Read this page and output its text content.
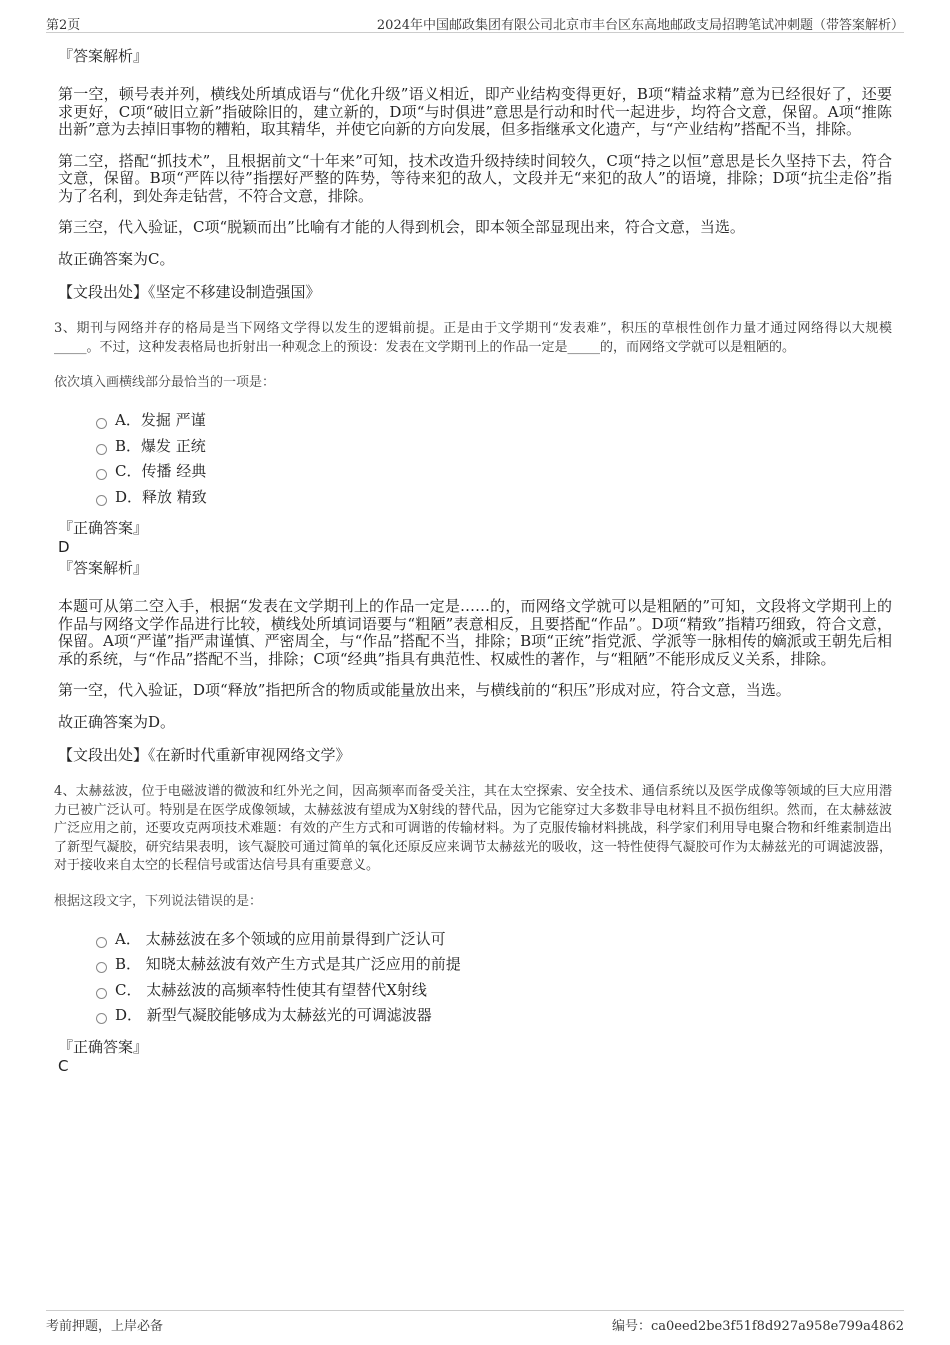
第2页	2024年中国邮政集团有限公司北京市丰台区东高地邮政支局招聘笔试冲刺题（带答案解析）
『答案解析』

第一空，顿号表并列，横线处所填成语与“优化升级”语义相近，即产业结构变得更好，B项“精益求精”意为已经很好了，还要求更好，C项“破旧立新”指破除旧的，建立新的，D项“与时俱进”意思是行动和时代一起进步，均符合文意，保留。A项“推陈出新”意为去掉旧事物的糟粕，取其精华，并使它向新的方向发展，但多指继承文化遗产，与“产业结构”搭配不当，排除。

第二空，搭配“抓技术”，且根据前文“十年来”可知，技术改造升级持续时间较久，C项“持之以恒”意思是长久坚持下去，符合文意，保留。B项“严阵以待”指摆好严整的阵势，等待来犯的敌人，文段并无“来犯的敌人”的语境，排除；D项“抗尘走俗”指为了名利，到处奔走钻营，不符合文意，排除。

第三空，代入验证，C项“脱颖而出”比喻有才能的人得到机会，即本领全部显现出来，符合文意，当选。

故正确答案为C。

【文段出处】《坚定不移建设制造强国》
3、期刊与网络并存的格局是当下网络文学得以发生的逻辑前提。正是由于文学期刊“发表难”，积压的草根性创作力量才通过网络得以大规模_____。不过，这种发表格局也折射出一种观念上的预设：发表在文学期刊上的作品一定是_____的，而网络文学就可以是粗陋的。
依次填入画横线部分最恰当的一项是：
A．发掘 严谨
B．爆发 正统
C．传播 经典
D．释放 精致
『正确答案』
D
『答案解析』

本题可从第二空入手，根据“发表在文学期刊上的作品一定是……的，而网络文学就可以是粗陋的”可知，文段将文学期刊上的作品与网络文学作品进行比较，横线处所填词语要与“粗陋”表意相反，且要搭配“作品”。D项“精致”指精巧细致，符合文意，保留。A项“严谨”指严肃谨慎、严密周全，与“作品”搭配不当，排除；B项“正统”指党派、学派等一脉相传的嫡派或王朝先后相承的系统，与“作品”搭配不当，排除；C项“经典”指具有典范性、权威性的著作，与“粗陋”不能形成反义关系，排除。

第一空，代入验证，D项“释放”指把所含的物质或能量放出来，与横线前的“积压”形成对应，符合文意，当选。

故正确答案为D。

【文段出处】《在新时代重新审视网络文学》
4、太赫兹波，位于电磁波谱的微波和红外光之间，因高频率而备受关注，其在太空探索、安全技术、通信系统以及医学成像等领域的巨大应用潜力已被广泛认可。特别是在医学成像领域，太赫兹波有望成为X射线的替代品，因为它能穿过大多数非导电材料且不损伤组织。然而，在太赫兹波广泛应用之前，还要攻克两项技术难题：有效的产生方式和可调谐的传输材料。为了克服传输材料挑战，科学家们利用导电聚合物和纤维素制造出了新型气凝胶，研究结果表明，该气凝胶可通过简单的氧化还原反应来调节太赫兹光的吸收，这一特性使得气凝胶可作为太赫兹光的可调滤波器，对于接收来自太空的长程信号或雷达信号具有重要意义。
根据这段文字，下列说法错误的是：
A． 太赫兹波在多个领域的应用前景得到广泛认可
B． 知晓太赫兹波有效产生方式是其广泛应用的前提
C． 太赫兹波的高频率特性使其有望替代X射线
D． 新型气凝胶能够成为太赫兹光的可调滤波器
『正确答案』
C
考前押题，上岸必备	编号：ca0eed2be3f51f8d927a958e799a4862
